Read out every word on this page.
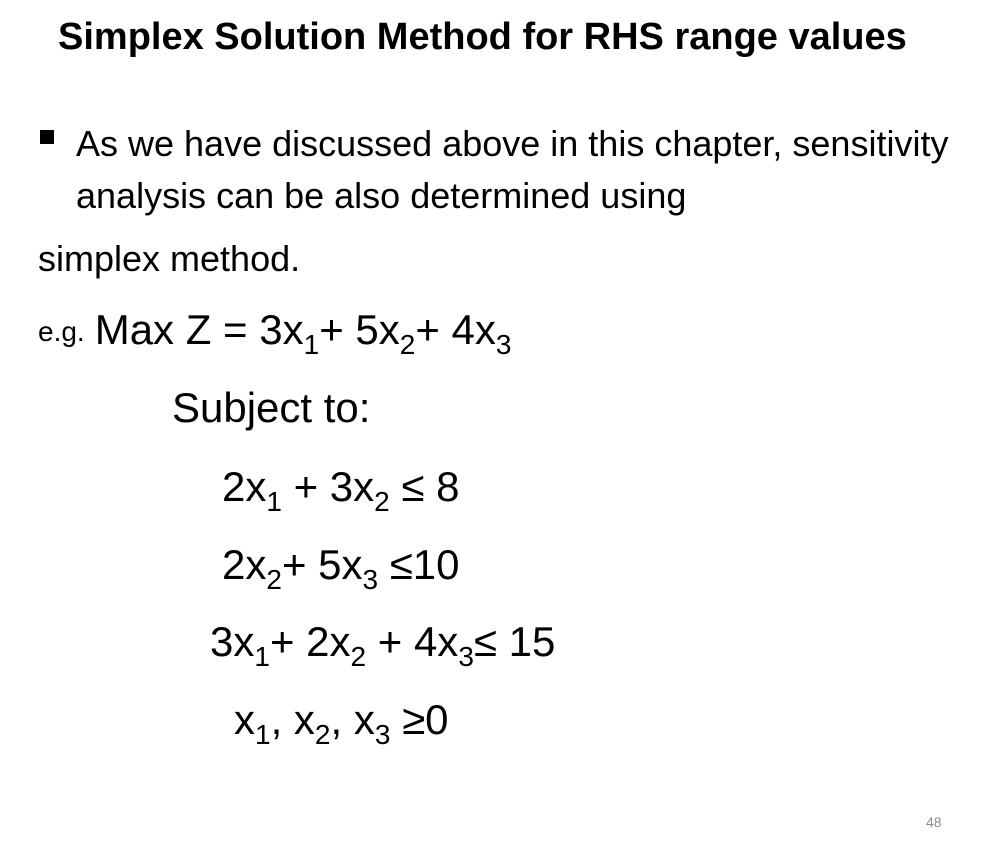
Simplex Solution Method for RHS range values
As we have discussed above in this chapter, sensitivity analysis can be also determined using
simplex method.
e.g. Max $Z = 3x_1+ 5x_2+ 4x_3$
Subject to:
$2x_1 + 3x_2 \le 8$
$2x_2+ 5x_3 \le 10$
$3x_1+ 2x_2 + 4x_3\le 15$
$x_1$, $x_2$, $x_3 \ge 0$
48
